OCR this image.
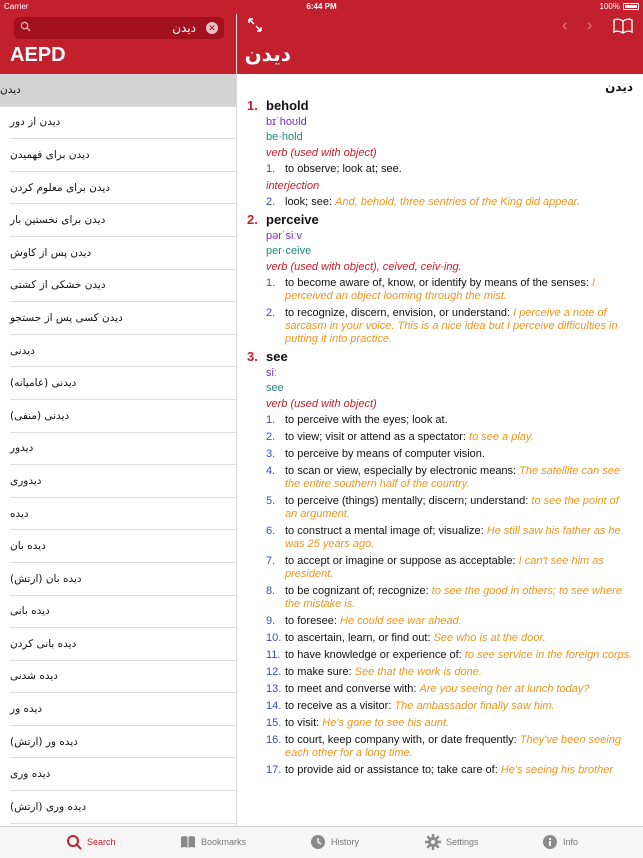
Carrier	6:44 PM	100%
ديدن
✕
AEPD
‹ ›
ديدن
ديدن
ديدن از دور
ديدن براى فهميدن
ديدن براى معلوم كردن
ديدن براى نخستين بار
ديدن پس از كاوش
ديدن خشكى از كشتى
ديدن كسى پس از جستجو
ديدنى
ديدنى (عاميانه)
ديدنى (منفى)
ديدور
ديدورى
ديده
ديده بان
ديده بان (ارتش)
ديده بانى
ديده بانى كردن
ديده شدنى
ديده ور
ديده ور (ارتش)
ديده ورى
ديده ورى (ارتش)
ديدن
1. behold
bɪˈhoʊld
be·hold
verb (used with object)
1. to observe; look at; see.
interjection
2. look; see: And, behold, three sentries of the King did appear.
2. perceive
pərˈsiːv
per·ceive
verb (used with object), ceived, ceiv·ing.
1. to become aware of, know, or identify by means of the senses: I perceived an object looming through the mist.
2. to recognize, discern, envision, or understand: I perceive a note of sarcasm in your voice. This is a nice idea but I perceive difficulties in putting it into practice.
3. see
siː
see
verb (used with object)
1. to perceive with the eyes; look at.
2. to view; visit or attend as a spectator: to see a play.
3. to perceive by means of computer vision.
4. to scan or view, especially by electronic means: The satellite can see the entire southern half of the country.
5. to perceive (things) mentally; discern; understand: to see the point of an argument.
6. to construct a mental image of; visualize: He still saw his father as he was 25 years ago.
7. to accept or imagine or suppose as acceptable: I can't see him as president.
8. to be cognizant of; recognize: to see the good in others; to see where the mistake is.
9. to foresee: He could see war ahead.
10. to ascertain, learn, or find out: See who is at the door.
11. to have knowledge or experience of: to see service in the foreign corps.
12. to make sure: See that the work is done.
13. to meet and converse with: Are you seeing her at lunch today?
14. to receive as a visitor: The ambassador finally saw him.
15. to visit: He's gone to see his aunt.
16. to court, keep company with, or date frequently: They've been seeing each other for a long time.
17. to provide aid or assistance to; take care of: He's seeing his brother
Search	Bookmarks	History	Settings	Info
